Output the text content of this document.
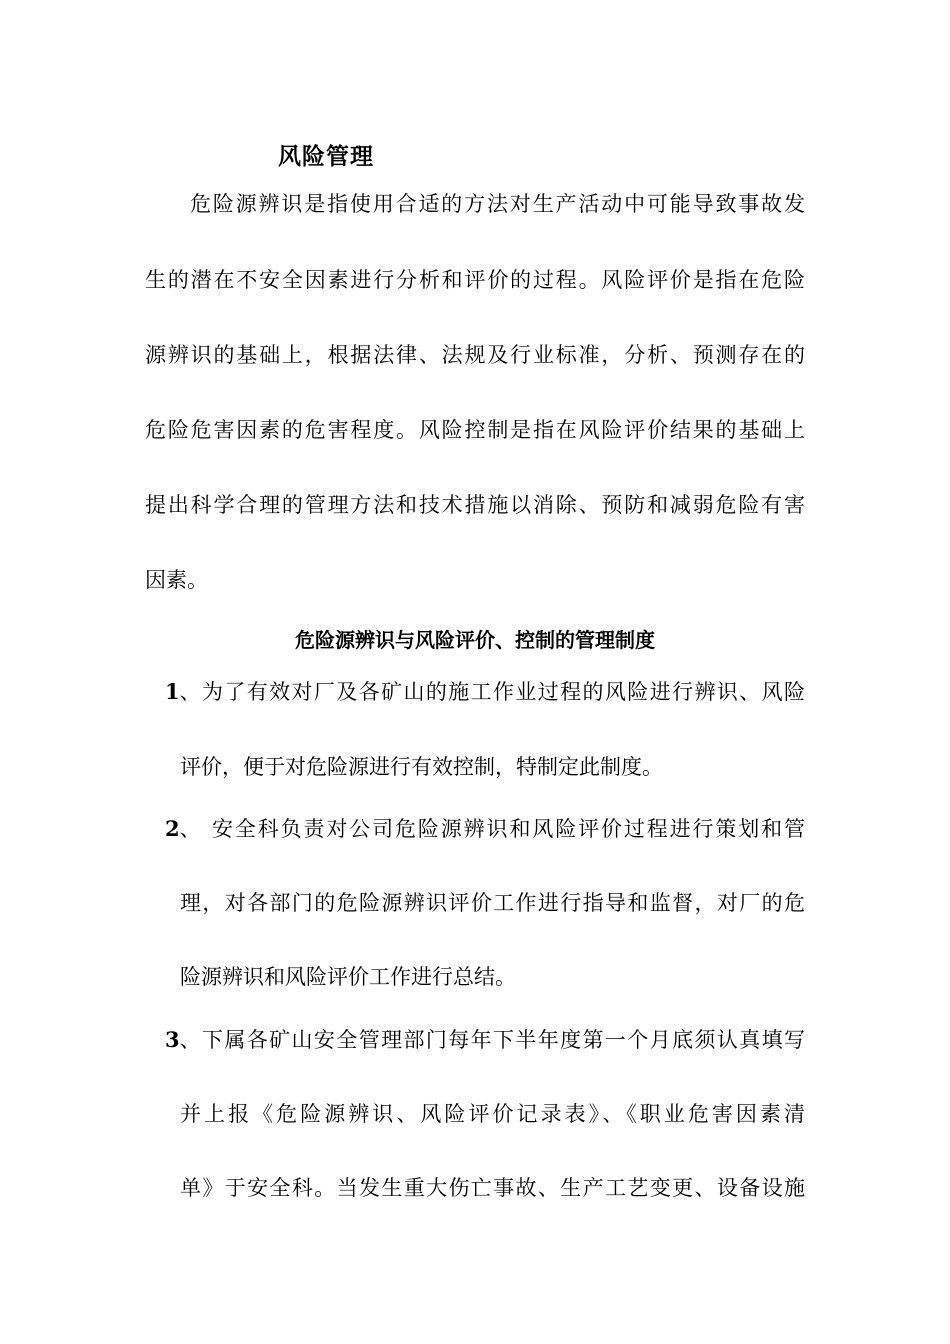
风险管理
危险源辨识是指使用合适的方法对生产活动中可能导致事故发
生的潜在不安全因素进行分析和评价的过程。风险评价是指在危险
源辨识的基础上，根据法律、法规及行业标准，分析、预测存在的
危险危害因素的危害程度。风险控制是指在风险评价结果的基础上
提出科学合理的管理方法和技术措施以消除、预防和减弱危险有害
因素。
危险源辨识与风险评价、控制的管理制度
1、 为了有效对厂及各矿山的施工作业过程的风险进行辨识、风险
评价，便于对危险源进行有效控制，特制定此制度。
2、 安全科负责对公司危险源辨识和风险评价过程进行策划和管
理，对各部门的危险源辨识评价工作进行指导和监督，对厂的危
险源辨识和风险评价工作进行总结。
3、 下属各矿山安全管理部门每年下半年度第一个月底须认真填写
并上报《危险源辨识、风险评价记录表》、《职业危害因素清
单》于安全科。当发生重大伤亡事故、生产工艺变更、设备设施
